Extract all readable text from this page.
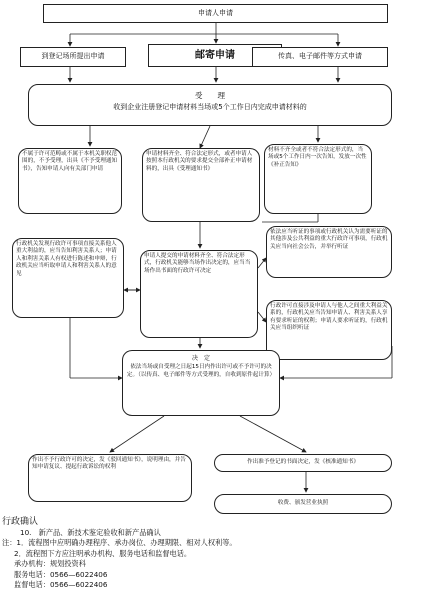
申请人申请
到登记场所提出申请	邮寄申请	传真、电子邮件等方式申请
受　　理
收到企业注册登记申请材料当场或5个工作日内完成申请材料的
不属于许可范畴或不属于本机关职权范围的，不予受理，出具《不予受理通知书》，告知申请人向有关部门申请
申请材料齐全、符合法定形式，或者申请人按照本行政机关的要求提交全部补正申请材料的，出具《受理通知书》
材料不齐全或者不符合法定形式的，当场或5个工作日内一次告知，发放一次性《补正告知》
行政机关发现行政许可事项直接关系他人重大利益的，应当告知利害关系人；申请人和利害关系人有权进行陈述和申辩，行政机关应当听取申请人和利害关系人的意见
申请人提交的申请材料齐全、符合法定形式，行政机关能够当场作出决定的，应当当场作出书面的行政许可决定
依法应当听证的事项或行政机关认为需要听证的其他涉及公共利益的重大行政许可事项，行政机关应当向社会公告，并举行听证
行政许可直接涉及申请人与他人之间重大利益关系的，行政机关应当告知申请人、利害关系人享有要求听证的权利；申请人要求听证的，行政机关应当组织听证
决　定
依法当场或自受理之日起15日内作出许可或不予许可的决定。（以传真、电子邮件等方式受理的，自收到原件起计算）
作出不予行政许可的决定，发《驳回通知书》，说明理由，并告知申请复议、提起行政诉讼的权利
作出准予登记的书面决定，发《核准通知书》
收费、颁发营业执照
行政确认
10.　新产品、新技术鉴定验收和新产品确认
注：1．流程图中应明确办理程序、承办岗位、办理期限、相对人权利等。
2．流程图下方应注明承办机构、服务电话和监督电话。
承办机构：规划投资科
服务电话：0566—6022406
监督电话：0566—6022406
